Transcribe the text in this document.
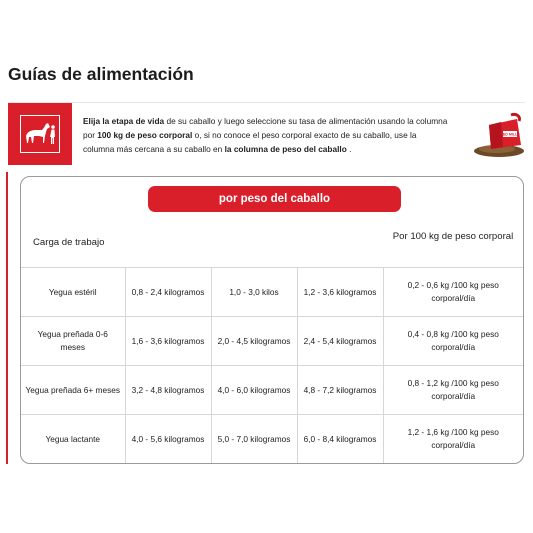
Guías de alimentación
Elija la etapa de vida de su caballo y luego seleccione su tasa de alimentación usando la columna por 100 kg de peso corporal o, si no conoce el peso corporal exacto de su caballo, use la columna más cercana a su caballo en la columna de peso del caballo .
RED MILLS
por peso del caballo
Carga de trabajo
Por 100 kg de peso corporal
Yegua estéril	0,8 - 2,4 kilogramos	1,0 - 3,0 kilos	1,2 - 3,6 kilogramos	0,2 - 0,6 kg /100 kg peso corporal/día
Yegua preñada 0-6 meses	1,6 - 3,6 kilogramos	2,0 - 4,5 kilogramos	2,4 - 5,4 kilogramos	0,4 - 0,8 kg /100 kg peso corporal/día
Yegua preñada 6+ meses	3,2 - 4,8 kilogramos	4,0 - 6,0 kilogramos	4,8 - 7,2 kilogramos	0,8 - 1,2 kg /100 kg peso corporal/día
Yegua lactante	4,0 - 5,6 kilogramos	5,0 - 7,0 kilogramos	6,0 - 8,4 kilogramos	1,2 - 1,6 kg /100 kg peso corporal/día
